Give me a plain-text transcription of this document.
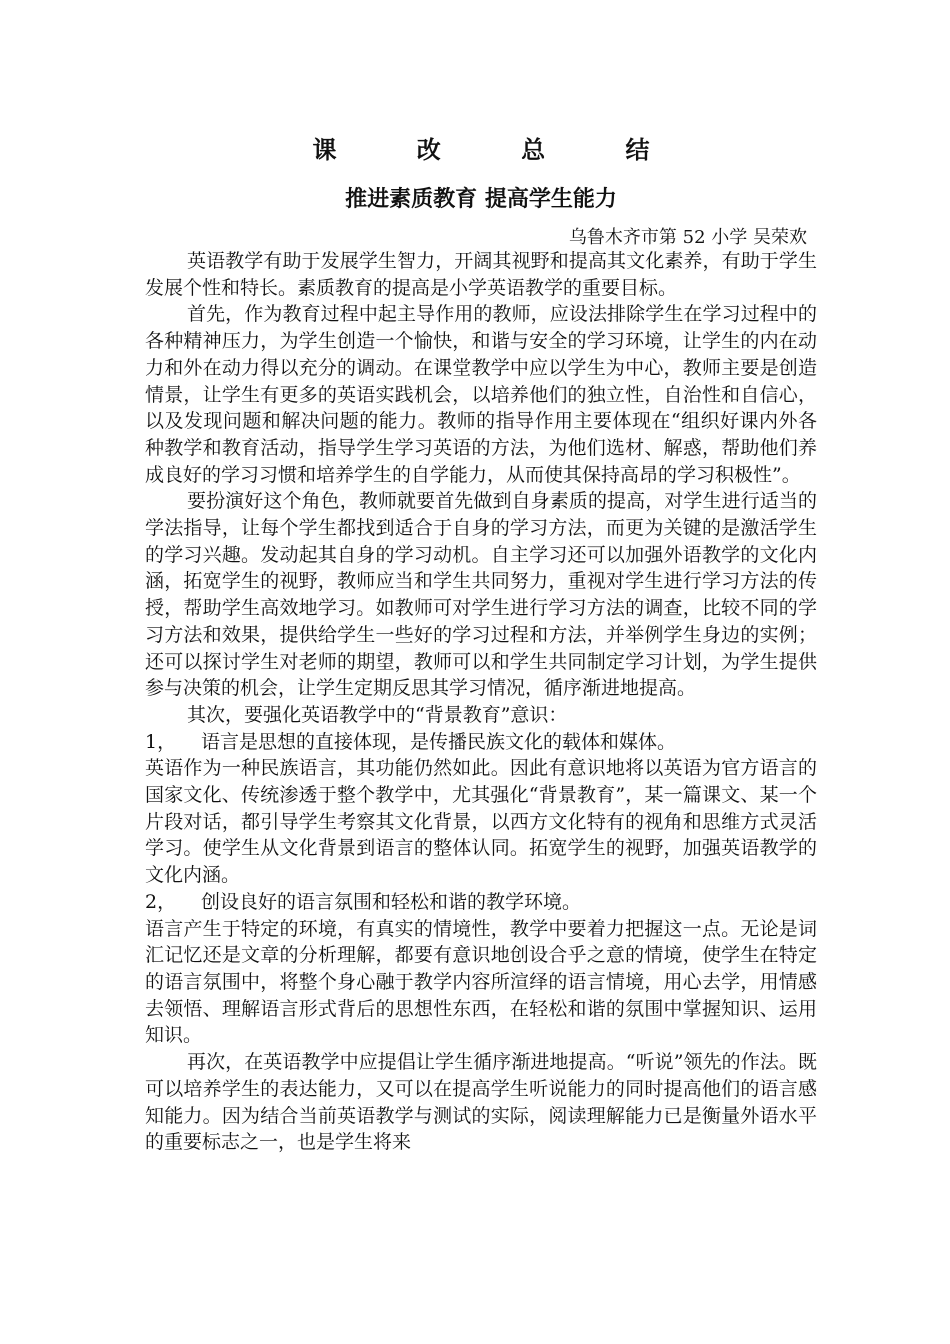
课 改 总 结
推进素质教育 提高学生能力

乌鲁木齐市第 52 小学 吴荣欢

英语教学有助于发展学生智力，开阔其视野和提高其文化素养，有助于学生发展个性和特长。素质教育的提高是小学英语教学的重要目标。

首先，作为教育过程中起主导作用的教师，应设法排除学生在学习过程中的各种精神压力，为学生创造一个愉快，和谐与安全的学习环境，让学生的内在动力和外在动力得以充分的调动。在课堂教学中应以学生为中心，教师主要是创造情景，让学生有更多的英语实践机会，以培养他们的独立性，自治性和自信心，以及发现问题和解决问题的能力。教师的指导作用主要体现在“组织好课内外各种教学和教育活动，指导学生学习英语的方法，为他们选材、解惑，帮助他们养成良好的学习习惯和培养学生的自学能力，从而使其保持高昂的学习积极性”。

要扮演好这个角色，教师就要首先做到自身素质的提高，对学生进行适当的学法指导，让每个学生都找到适合于自身的学习方法，而更为关键的是激活学生的学习兴趣。发动起其自身的学习动机。自主学习还可以加强外语教学的文化内涵，拓宽学生的视野，教师应当和学生共同努力，重视对学生进行学习方法的传授，帮助学生高效地学习。如教师可对学生进行学习方法的调查，比较不同的学习方法和效果，提供给学生一些好的学习过程和方法，并举例学生身边的实例；还可以探讨学生对老师的期望，教师可以和学生共同制定学习计划，为学生提供参与决策的机会，让学生定期反思其学习情况，循序渐进地提高。

其次，要强化英语教学中的“背景教育”意识：

1， 语言是思想的直接体现，是传播民族文化的载体和媒体。

英语作为一种民族语言，其功能仍然如此。因此有意识地将以英语为官方语言的国家文化、传统渗透于整个教学中，尤其强化“背景教育”，某一篇课文、某一个片段对话，都引导学生考察其文化背景，以西方文化特有的视角和思维方式灵活学习。使学生从文化背景到语言的整体认同。拓宽学生的视野，加强英语教学的文化内涵。

2， 创设良好的语言氛围和轻松和谐的教学环境。

语言产生于特定的环境，有真实的情境性，教学中要着力把握这一点。无论是词汇记忆还是文章的分析理解，都要有意识地创设合乎之意的情境，使学生在特定的语言氛围中，将整个身心融于教学内容所渲绎的语言情境，用心去学，用情感去领悟、理解语言形式背后的思想性东西，在轻松和谐的氛围中掌握知识、运用知识。

再次，在英语教学中应提倡让学生循序渐进地提高。“听说”领先的作法。既可以培养学生的表达能力，又可以在提高学生听说能力的同时提高他们的语言感知能力。因为结合当前英语教学与测试的实际，阅读理解能力已是衡量外语水平的重要标志之一，也是学生将来
